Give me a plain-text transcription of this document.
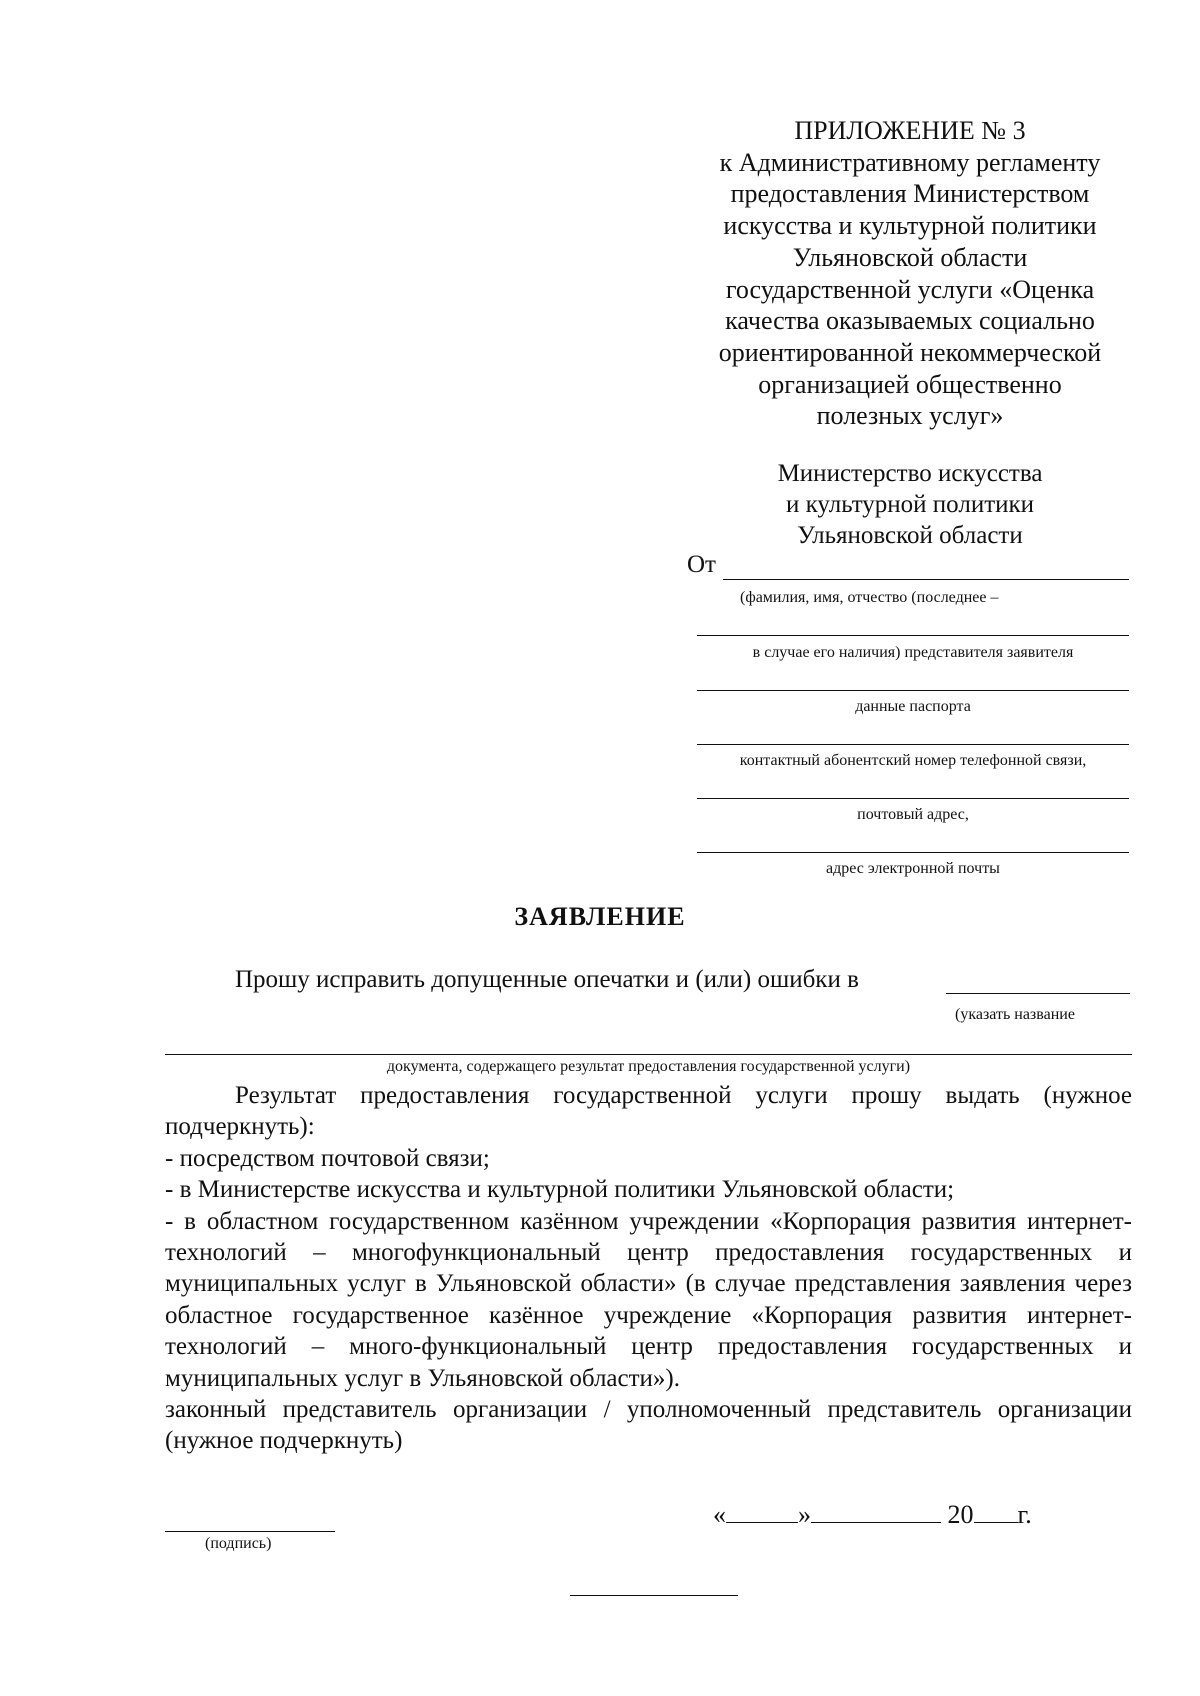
ПРИЛОЖЕНИЕ № 3
к Административному регламенту
предоставления Министерством
искусства и культурной политики
Ульяновской области
государственной услуги «Оценка
качества оказываемых социально
ориентированной некоммерческой
организацией общественно
полезных услуг»
Министерство искусства
и культурной политики
Ульяновской области
От
(фамилия, имя, отчество (последнее –
в случае его наличия) представителя заявителя
данные паспорта
контактный абонентский номер телефонной связи,
почтовый адрес,
адрес электронной почты
ЗАЯВЛЕНИЕ
Прошу исправить допущенные опечатки и (или) ошибки в
(указать название
документа, содержащего результат предоставления государственной услуги)

Результат предоставления государственной услуги прошу выдать (нужное подчеркнуть):

- посредством почтовой связи;

- в Министерстве искусства и культурной политики Ульяновской области;

- в областном государственном казённом учреждении «Корпорация развития интернет-технологий – многофункциональный центр предоставления государственных и муниципальных услуг в Ульяновской области» (в случае представления заявления через областное государственное казённое учреждение «Корпорация развития интернет-технологий – много-функциональный центр предоставления государственных и муниципальных услуг в Ульяновской области»).

законный представитель организации / уполномоченный представитель организации (нужное подчеркнуть)

(подпись)
«	»	20 г.
